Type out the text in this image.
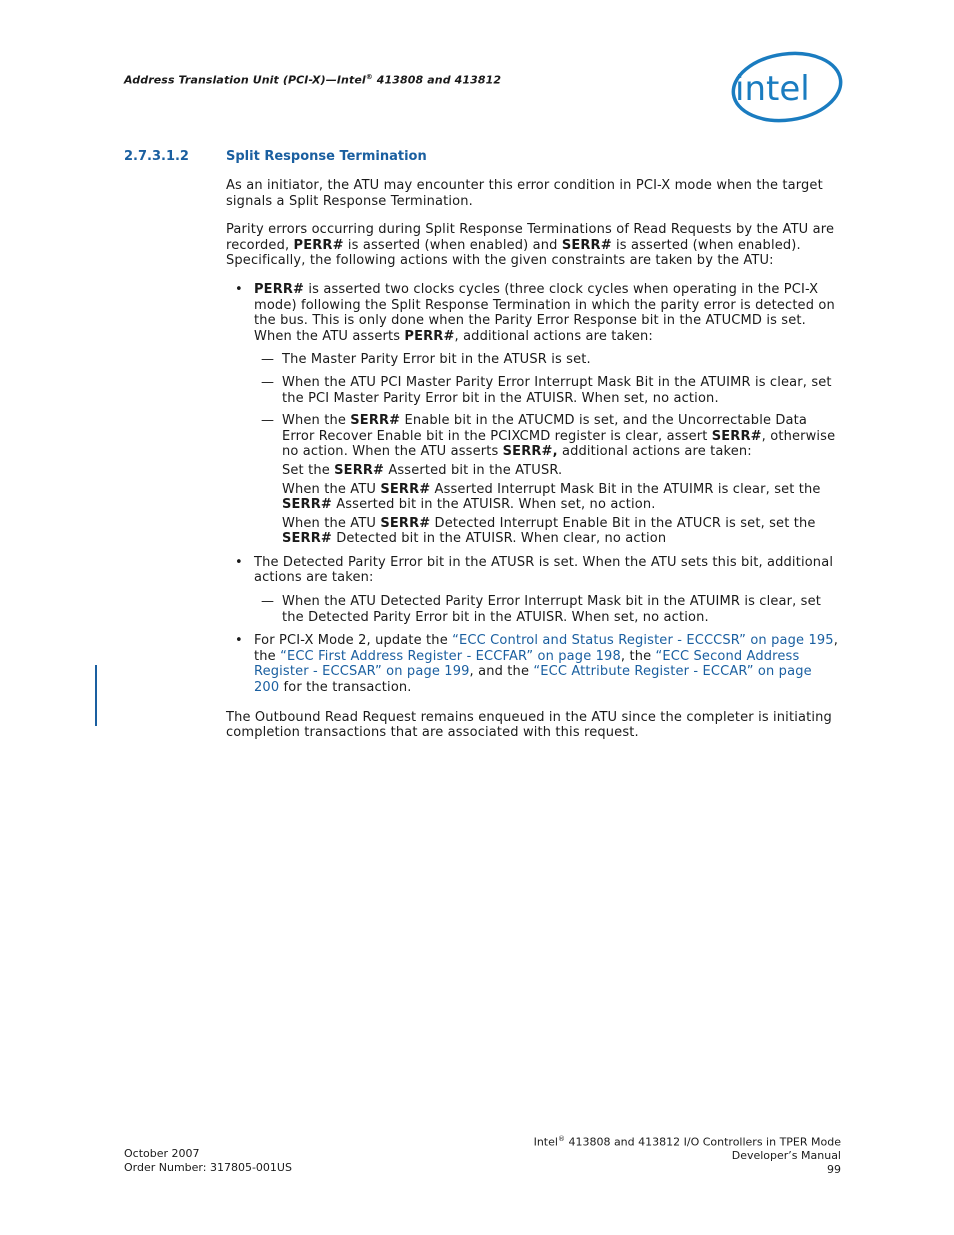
Address Translation Unit (PCI-X)—Intel® 413808 and 413812	intel
2.7.3.1.2	Split Response Termination

As an initiator, the ATU may encounter this error condition in PCI-X mode when the target signals a Split Response Termination.

Parity errors occurring during Split Response Terminations of Read Requests by the ATU are recorded, PERR# is asserted (when enabled) and SERR# is asserted (when enabled). Specifically, the following actions with the given constraints are taken by the ATU:

• PERR# is asserted two clocks cycles (three clock cycles when operating in the PCI-X mode) following the Split Response Termination in which the parity error is detected on the bus. This is only done when the Parity Error Response bit in the ATUCMD is set. When the ATU asserts PERR#, additional actions are taken:
— The Master Parity Error bit in the ATUSR is set.
— When the ATU PCI Master Parity Error Interrupt Mask Bit in the ATUIMR is clear, set the PCI Master Parity Error bit in the ATUISR. When set, no action.
— When the SERR# Enable bit in the ATUCMD is set, and the Uncorrectable Data Error Recover Enable bit in the PCIXCMD register is clear, assert SERR#, otherwise no action. When the ATU asserts SERR#, additional actions are taken:
Set the SERR# Asserted bit in the ATUSR.
When the ATU SERR# Asserted Interrupt Mask Bit in the ATUIMR is clear, set the SERR# Asserted bit in the ATUISR. When set, no action.
When the ATU SERR# Detected Interrupt Enable Bit in the ATUCR is set, set the SERR# Detected bit in the ATUISR. When clear, no action
• The Detected Parity Error bit in the ATUSR is set. When the ATU sets this bit, additional actions are taken:
— When the ATU Detected Parity Error Interrupt Mask bit in the ATUIMR is clear, set the Detected Parity Error bit in the ATUISR. When set, no action.
• For PCI-X Mode 2, update the “ECC Control and Status Register - ECCCSR” on page 195, the “ECC First Address Register - ECCFAR” on page 198, the “ECC Second Address Register - ECCSAR” on page 199, and the “ECC Attribute Register - ECCAR” on page 200 for the transaction.

The Outbound Read Request remains enqueued in the ATU since the completer is initiating completion transactions that are associated with this request.

October 2007
Order Number: 317805-001US
Intel® 413808 and 413812 I/O Controllers in TPER Mode
Developer’s Manual
99
